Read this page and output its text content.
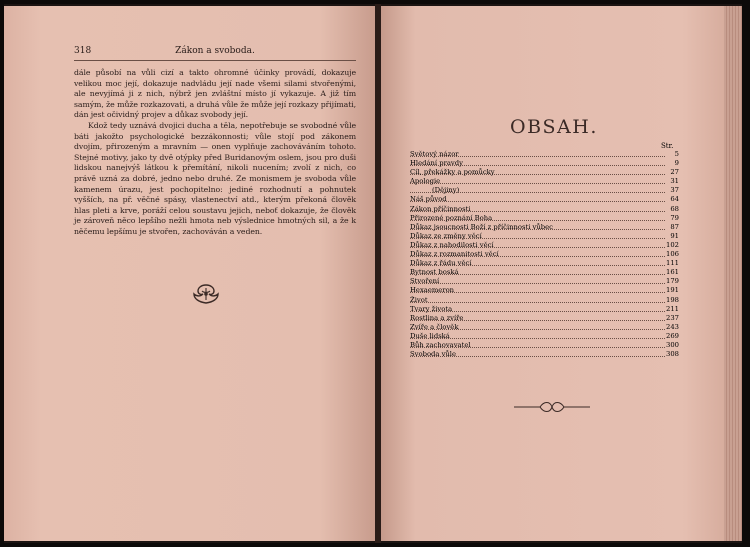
318	Zákon a svoboda.

dále působí na vůli cizí a takto ohromné účinky provádí, dokazuje velikou moc její, dokazuje nadvládu její nade všemi silami stvořenými, ale nevyjímá ji z nich, nýbrž jen zvláštní místo jí vykazuje. A již tím samým, že může rozkazovati, a druhá vůle že může její rozkazy přijímati, dán jest očividný projev a důkaz svobody její.

Kdož tedy uznává dvojici ducha a těla, nepotřebuje se svobodné vůle báti jakožto psychologické bezzákonnosti; vůle stojí pod zákonem dvojím, přirozeným a mravním — onen vyplňuje zachováváním tohoto. Stejné motivy, jako ty dvě otýpky před Buridanovým oslem, jsou pro duši lidskou nanejvýš látkou k přemítání, nikoli nucením; zvolí z nich, co právě uzná za dobré, jedno nebo druhé. Ze monismem je svoboda vůle kamenem úrazu, jest pochopitelno: jediné rozhodnutí a pohnutek vyšších, na př. věčné spásy, vlastenectví atd., kterým překoná člověk hlas pleti a krve, poráží celou soustavu jejich, neboť dokazuje, že člověk je zároveň něco lepšího nežli hmota neb výslednice hmotných sil, a že k něčemu lepšímu je stvořen, zachováván a veden.

OBSAH.
Str.
Světový názor	5
Hledání pravdy	9
Cíl, překážky a pomůcky	27
Apologie	31
(Dějiny)	37
Náš původ	64
Zákon příčinnosti	68
Přirozené poznání Boha	79
Důkaz jsoucnosti Boží z příčinnosti vůbec	87
Důkaz ze změny věcí	91
Důkaz z nahodilosti věcí	102
Důkaz z rozmanitosti věcí	106
Důkaz z řádu věcí	111
Bytnost boská	161
Stvoření	179
Hexaemeron	191
Život	198
Tvary života	211
Rostlina a zvíře	237
Zvíře a člověk	243
Duše lidská	269
Bůh zachovavatel	300
Svoboda vůle	308
